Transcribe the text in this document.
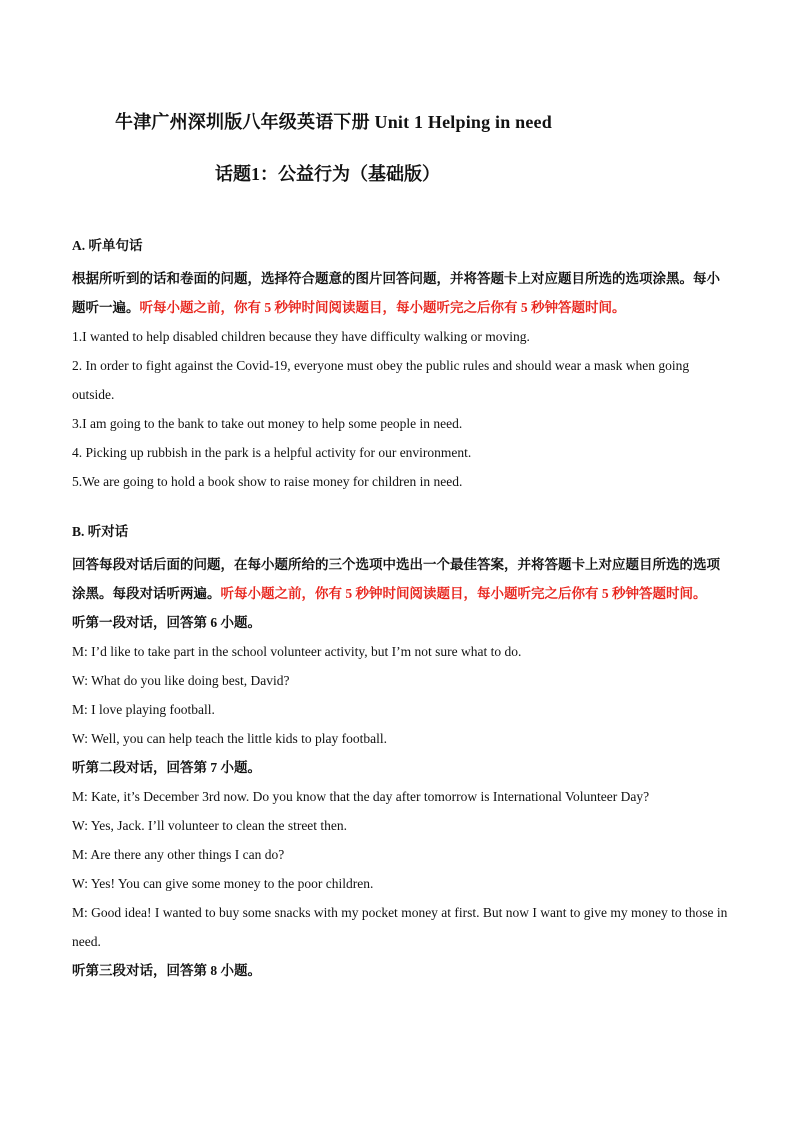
牛津广州深圳版八年级英语下册 Unit 1 Helping in need
话题1：公益行为（基础版）
A. 听单句话

根据所听到的话和卷面的问题，选择符合题意的图片回答问题，并将答题卡上对应题目所选的选项涂黑。每小题听一遍。听每小题之前，你有 5 秒钟时间阅读题目，每小题听完之后你有 5 秒钟答题时间。

1.I wanted to help disabled children because they have difficulty walking or moving.

2. In order to fight against the Covid-19, everyone must obey the public rules and should wear a mask when going outside.

3.I am going to the bank to take out money to help some people in need.

4. Picking up rubbish in the park is a helpful activity for our environment.

5.We are going to hold a book show to raise money for children in need.

B. 听对话

回答每段对话后面的问题，在每小题所给的三个选项中选出一个最佳答案，并将答题卡上对应题目所选的选项涂黑。每段对话听两遍。听每小题之前，你有 5 秒钟时间阅读题目，每小题听完之后你有 5 秒钟答题时间。

听第一段对话，回答第 6 小题。

M: I’d like to take part in the school volunteer activity, but I’m not sure what to do.

W: What do you like doing best, David?

M: I love playing football.

W: Well, you can help teach the little kids to play football.

听第二段对话，回答第 7 小题。

M: Kate, it’s December 3rd now. Do you know that the day after tomorrow is International Volunteer Day?

W: Yes, Jack. I’ll volunteer to clean the street then.

M: Are there any other things I can do?

W: Yes! You can give some money to the poor children.

M: Good idea! I wanted to buy some snacks with my pocket money at first. But now I want to give my money to those in need.

听第三段对话，回答第 8 小题。
